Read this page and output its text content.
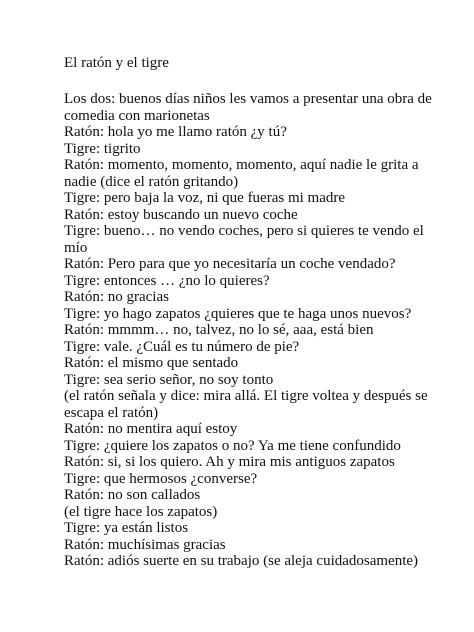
El ratón y el tigre
Los dos: buenos días niños les vamos a presentar una obra de
comedia con marionetas
Ratón: hola yo me llamo ratón ¿y tú?
Tigre: tigrito
Ratón: momento, momento, momento, aquí nadie le grita a
nadie (dice el ratón gritando)
Tigre: pero baja la voz, ni que fueras mi madre
Ratón: estoy buscando un nuevo coche
Tigre: bueno… no vendo coches, pero si quieres te vendo el
mío
Ratón: Pero para que yo necesitaría un coche vendado?
Tigre: entonces … ¿no lo quieres?
Ratón: no gracias
Tigre: yo hago zapatos ¿quieres que te haga unos nuevos?
Ratón: mmmm… no, talvez, no lo sé, aaa, está bien
Tigre: vale. ¿Cuál es tu número de pie?
Ratón: el mismo que sentado
Tigre: sea serio señor, no soy tonto
(el ratón señala y dice: mira allá. El tigre voltea y después se
escapa el ratón)
Ratón: no mentira aquí estoy
Tigre: ¿quiere los zapatos o no? Ya me tiene confundido
Ratón: si, si los quiero. Ah y mira mis antiguos zapatos
Tigre: que hermosos ¿converse?
Ratón: no son callados
(el tigre hace los zapatos)
Tigre: ya están listos
Ratón: muchísimas gracias
Ratón: adiós suerte en su trabajo (se aleja cuidadosamente)
